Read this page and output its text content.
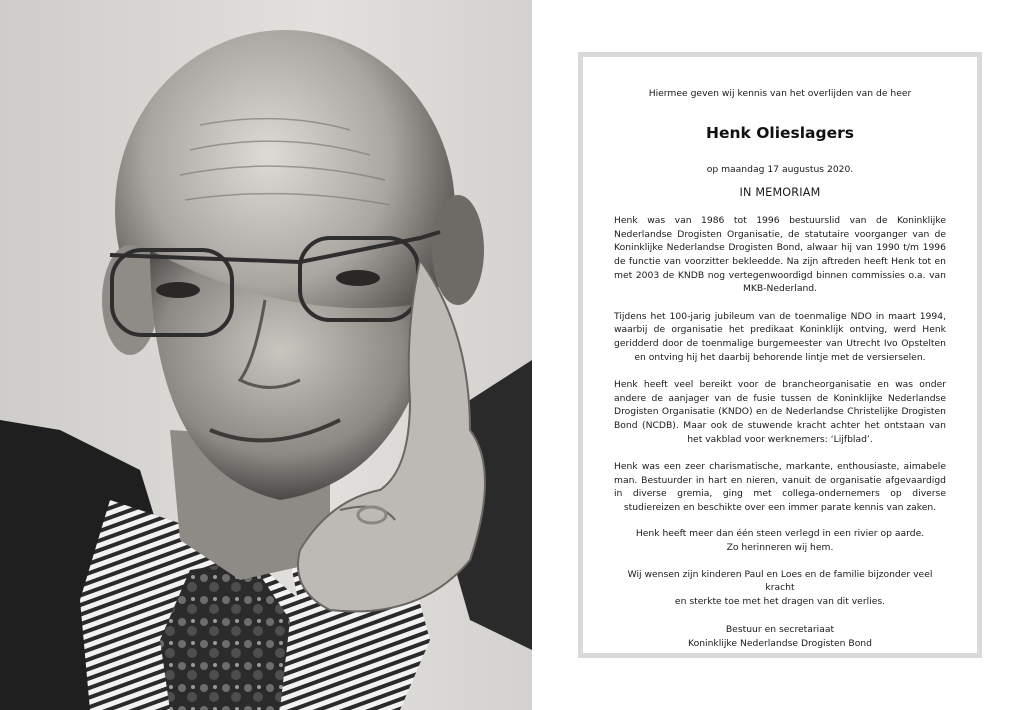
Hiermee geven wij kennis van het overlijden van de heer

Henk Olieslagers

op maandag 17 augustus 2020.

IN MEMORIAM

Henk was van 1986 tot 1996 bestuurslid van de Koninklijke Nederlandse Drogisten Organisatie, de statutaire voorganger van de Koninklijke Nederlandse Drogisten Bond, alwaar hij van 1990 t/m 1996 de functie van voorzitter bekleedde. Na zijn aftreden heeft Henk tot en met 2003 de KNDB nog vertegenwoordigd binnen commissies o.a. van MKB-Nederland.

Tijdens het 100-jarig jubileum van de toenmalige NDO in maart 1994, waarbij de organisatie het predikaat Koninklijk ontving, werd Henk geridderd door de toenmalige burgemeester van Utrecht Ivo Opstelten en ontving hij het daarbij behorende lintje met de versierselen.

Henk heeft veel bereikt voor de brancheorganisatie en was onder andere de aanjager van de fusie tussen de Koninklijke Nederlandse Drogisten Organisatie (KNDO) en de Nederlandse Christelijke Drogisten Bond (NCDB). Maar ook de stuwende kracht achter het ontstaan van het vakblad voor werknemers: ‘Lijfblad’.

Henk was een zeer charismatische, markante, enthousiaste, aimabele man. Bestuurder in hart en nieren, vanuit de organisatie afgevaardigd in diverse gremia, ging met collega-ondernemers op diverse studiereizen en beschikte over een immer parate kennis van zaken.

Henk heeft meer dan één steen verlegd in een rivier op aarde.
Zo herinneren wij hem.
Wij wensen zijn kinderen Paul en Loes en de familie bijzonder veel kracht
en sterkte toe met het dragen van dit verlies.
Bestuur en secretariaat
Koninklijke Nederlandse Drogisten Bond
